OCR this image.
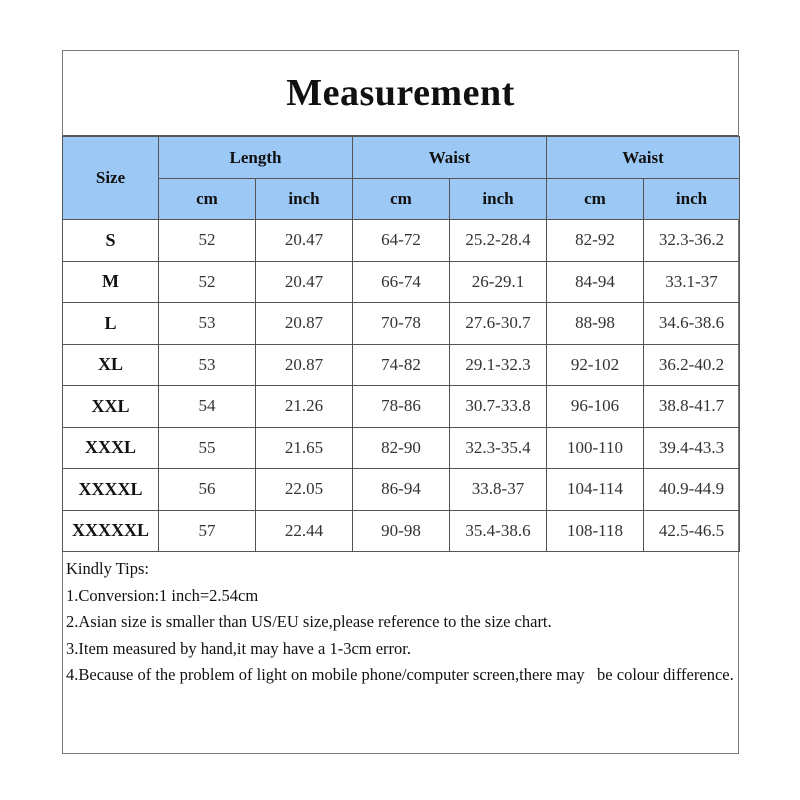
Measurement
Size	Length		Waist		Waist	
	cm	inch	cm	inch	cm	inch
S	52	20.47	64-72	25.2-28.4	82-92	32.3-36.2
M	52	20.47	66-74	26-29.1	84-94	33.1-37
L	53	20.87	70-78	27.6-30.7	88-98	34.6-38.6
XL	53	20.87	74-82	29.1-32.3	92-102	36.2-40.2
XXL	54	21.26	78-86	30.7-33.8	96-106	38.8-41.7
XXXL	55	21.65	82-90	32.3-35.4	100-110	39.4-43.3
XXXXL	56	22.05	86-94	33.8-37	104-114	40.9-44.9
XXXXXL	57	22.44	90-98	35.4-38.6	108-118	42.5-46.5
Kindly Tips:
1.Conversion:1 inch=2.54cm
2.Asian size is smaller than US/EU size,please reference to the size chart.
3.Item measured by hand,it may have a 1-3cm error.
4.Because of the problem of light on mobile phone/computer screen,there may   be colour difference.
